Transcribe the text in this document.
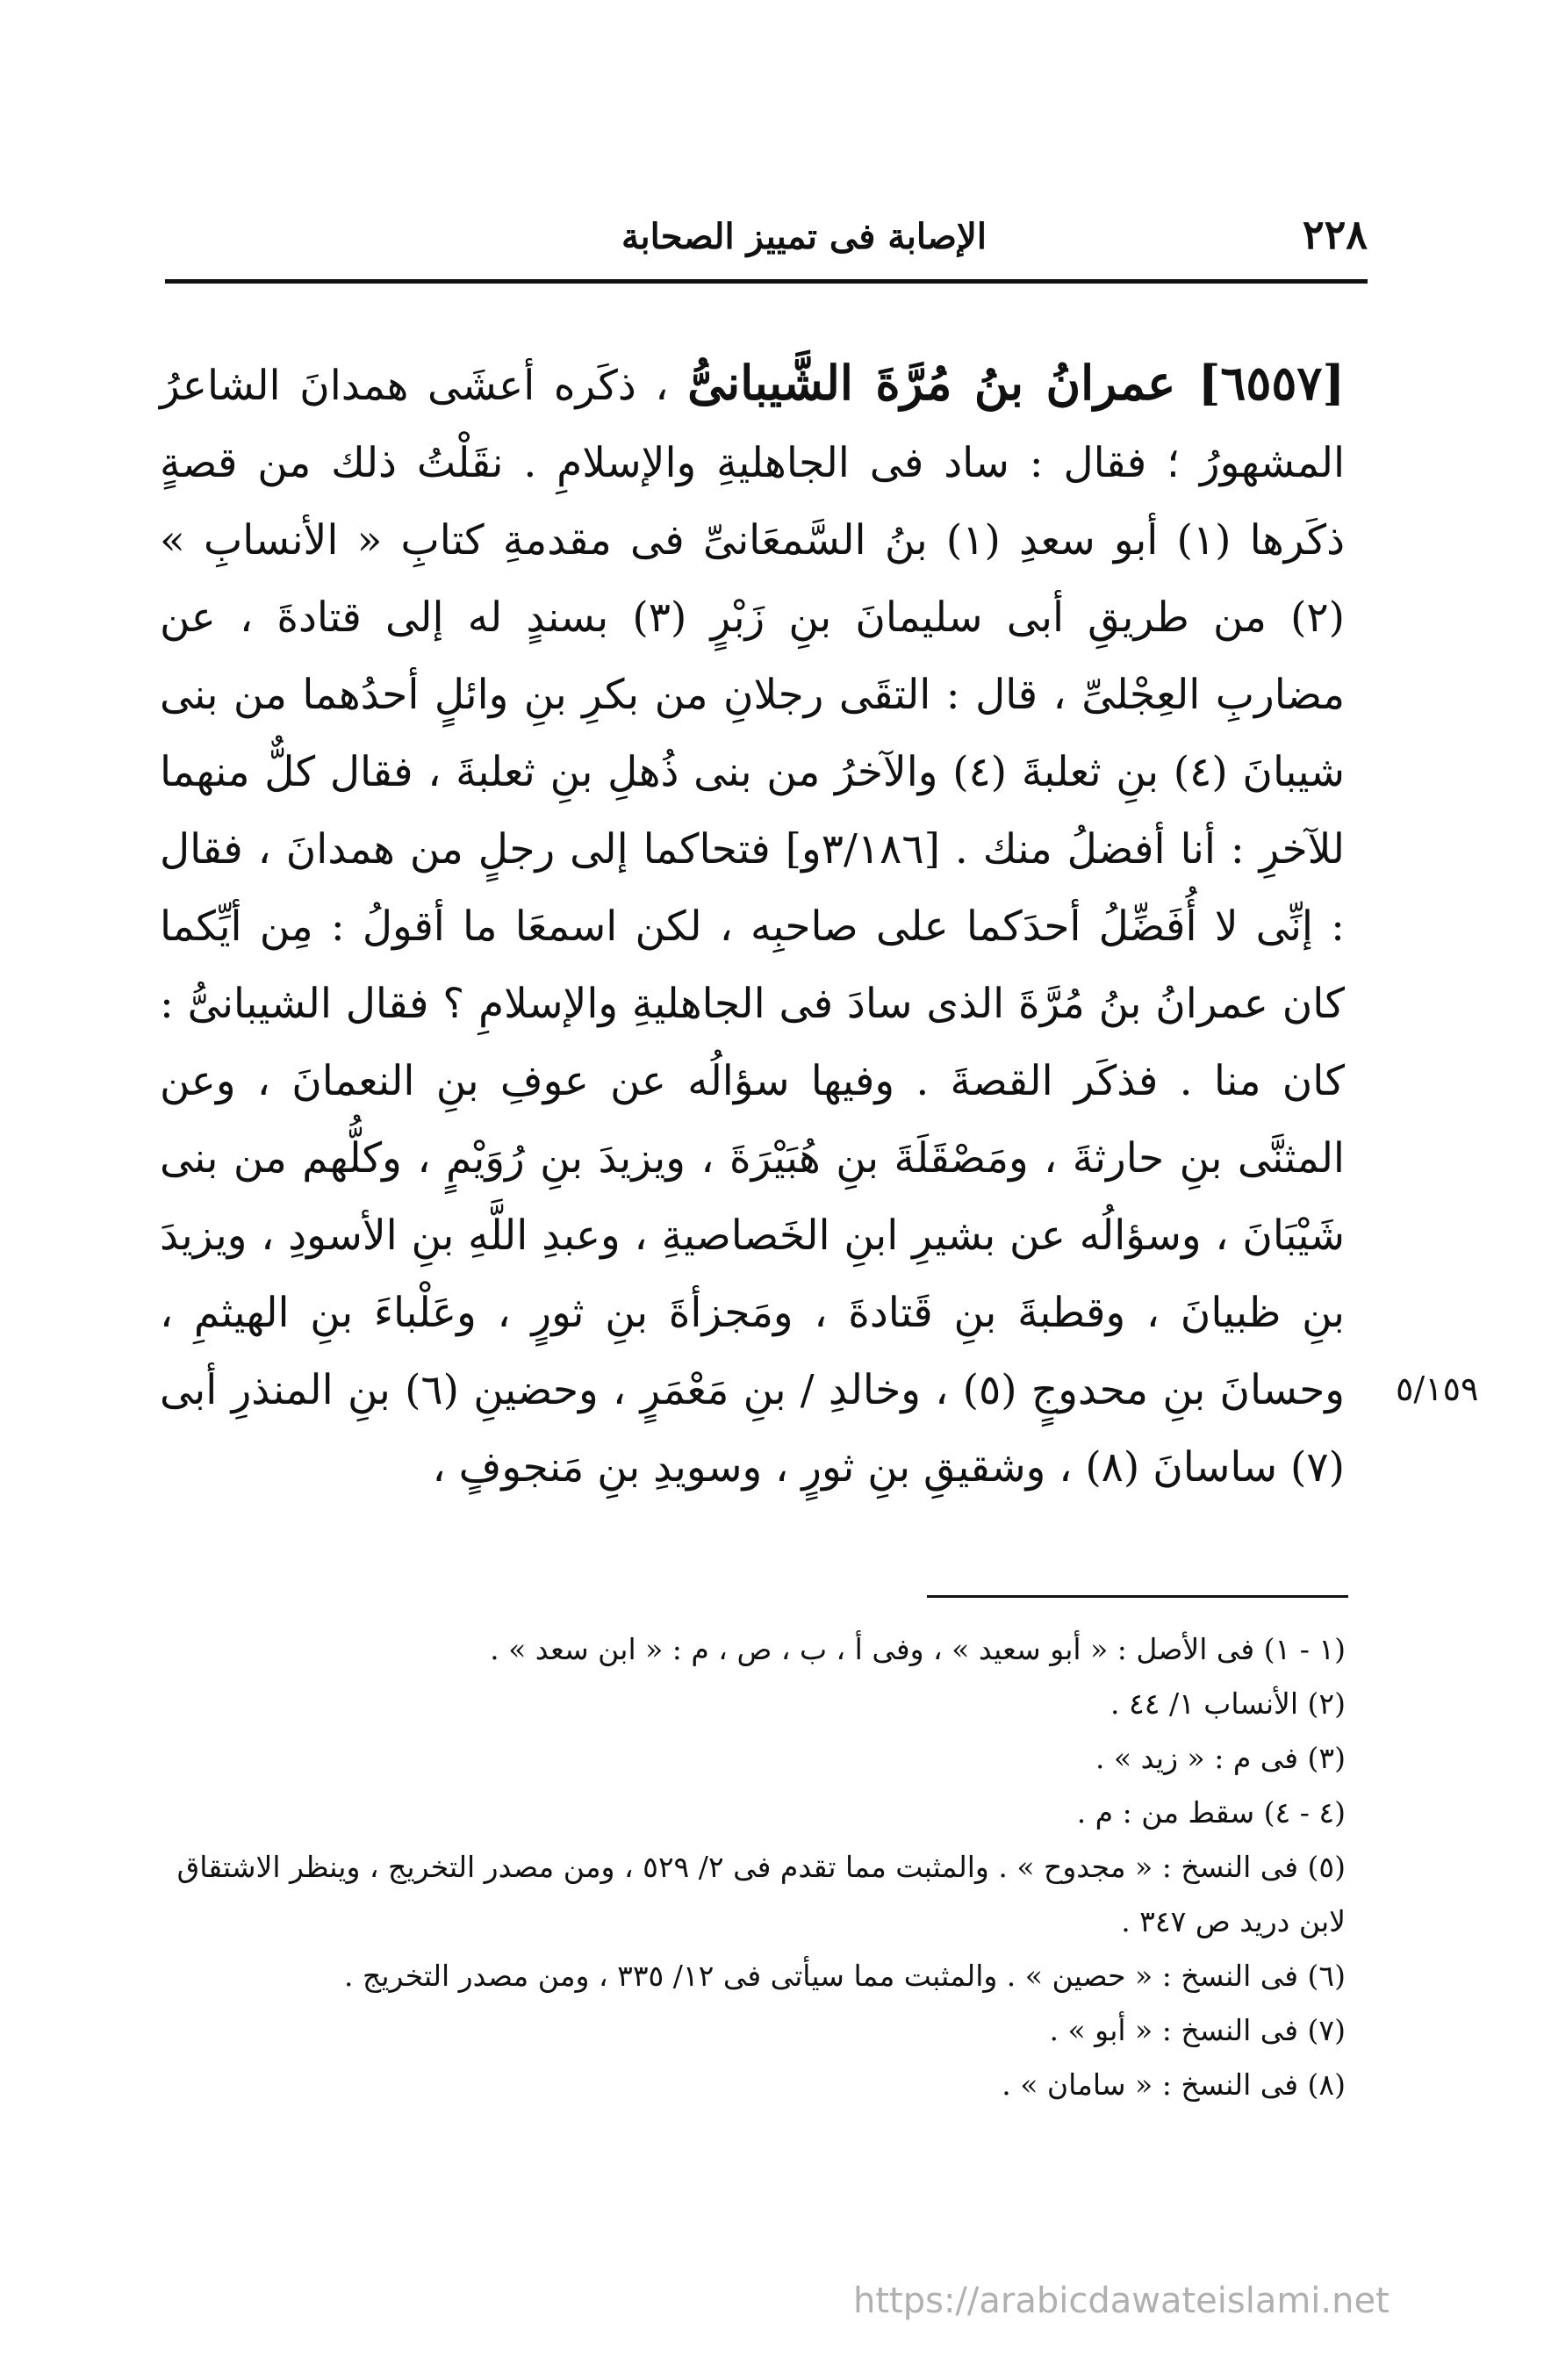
٢٢٨
الإصابة فى تمييز الصحابة

[٦٥٥٧] عمرانُ بنُ مُرَّةَ الشَّيبانىُّ ، ذكَره أعشَى همدانَ الشاعرُ المشهورُ ؛ فقال : ساد فى الجاهليةِ والإسلامِ . نقَلْتُ ذلك من قصةٍ ذكَرها (١) أبو سعدِ (١) بنُ السَّمعَانىِّ فى مقدمةِ كتابِ « الأنسابِ » (٢) من طريقِ أبى سليمانَ بنِ زَبْرٍ (٣) بسندٍ له إلى قتادةَ ، عن مضاربِ العِجْلىِّ ، قال : التقَى رجلانِ من بكرِ بنِ وائلٍ أحدُهما من بنى شيبانَ (٤) بنِ ثعلبةَ (٤) والآخرُ من بنى ذُهلِ بنِ ثعلبةَ ، فقال كلٌّ منهما للآخرِ : أنا أفضلُ منك . [٣/١٨٦و] فتحاكما إلى رجلٍ من همدانَ ، فقال : إنِّى لا أُفَضِّلُ أحدَكما على صاحبِه ، لكن اسمعَا ما أقولُ : مِن أيِّكما كان عمرانُ بنُ مُرَّةَ الذى سادَ فى الجاهليةِ والإسلامِ ؟ فقال الشيبانىُّ : كان منا . فذكَر القصةَ . وفيها سؤالُه عن عوفِ بنِ النعمانَ ، وعن المثنَّى بنِ حارثةَ ، ومَصْقَلَةَ بنِ هُبَيْرَةَ ، ويزيدَ بنِ رُوَيْمٍ ، وكلُّهم من بنى شَيْبَانَ ، وسؤالُه عن بشيرِ ابنِ الخَصاصيةِ ، وعبدِ اللَّهِ بنِ الأسودِ ، ويزيدَ بنِ ظبيانَ ، وقطبةَ بنِ قَتادةَ ، ومَجزأةَ بنِ ثورٍ ، وعَلْباءَ بنِ الهيثمِ ، وحسانَ بنِ محدوجٍ (٥) ، وخالدِ / بنِ مَعْمَرٍ ، وحضينِ (٦) بنِ المنذرِ أبى (٧) ساسانَ (٨) ، وشقيقِ بنِ ثورٍ ، وسويدِ بنِ مَنجوفٍ ،

٥/١٥٩

(١ - ١) فى الأصل : « أبو سعيد » ، وفى أ ، ب ، ص ، م : « ابن سعد » .

(٢) الأنساب ١/ ٤٤ .

(٣) فى م : « زيد » .

(٤ - ٤) سقط من : م .

(٥) فى النسخ : « مجدوح » . والمثبت مما تقدم فى ٢/ ٥٢٩ ، ومن مصدر التخريج ، وينظر الاشتقاق لابن دريد ص ٣٤٧ .

(٦) فى النسخ : « حصين » . والمثبت مما سيأتى فى ١٢/ ٣٣٥ ، ومن مصدر التخريج .

(٧) فى النسخ : « أبو » .

(٨) فى النسخ : « سامان » .

https://arabicdawateislami.net
